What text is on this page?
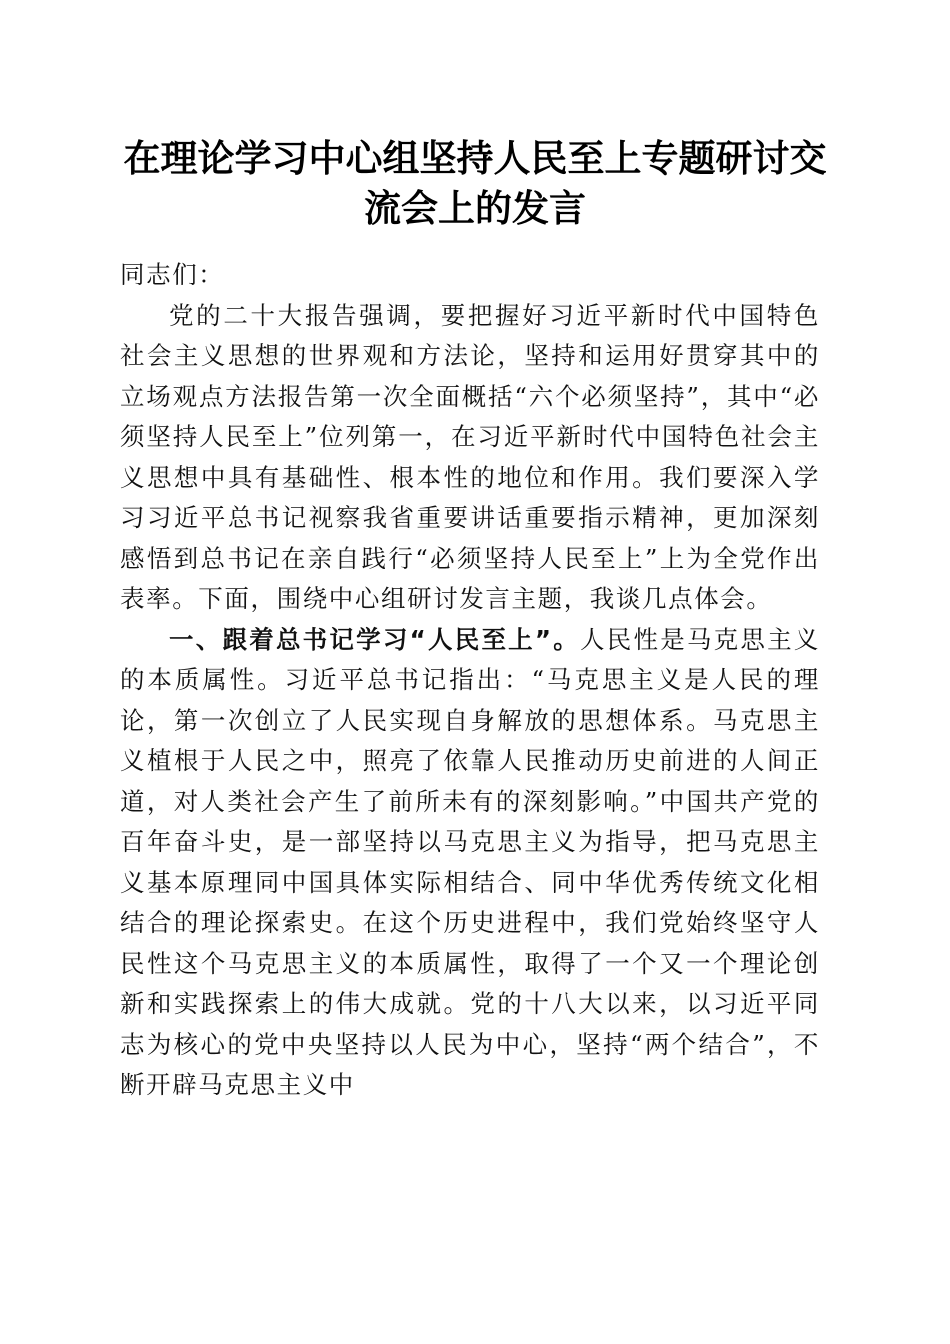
在理论学习中心组坚持人民至上专题研讨交流会上的发言

同志们：

党的二十大报告强调，要把握好习近平新时代中国特色社会主义思想的世界观和方法论，坚持和运用好贯穿其中的立场观点方法报告第一次全面概括“六个必须坚持”，其中“必须坚持人民至上”位列第一，在习近平新时代中国特色社会主义思想中具有基础性、根本性的地位和作用。我们要深入学习习近平总书记视察我省重要讲话重要指示精神，更加深刻感悟到总书记在亲自践行“必须坚持人民至上”上为全党作出表率。下面，围绕中心组研讨发言主题，我谈几点体会。

一、跟着总书记学习“人民至上”。人民性是马克思主义的本质属性。习近平总书记指出：“马克思主义是人民的理论，第一次创立了人民实现自身解放的思想体系。马克思主义植根于人民之中，照亮了依靠人民推动历史前进的人间正道，对人类社会产生了前所未有的深刻影响。”中国共产党的百年奋斗史，是一部坚持以马克思主义为指导，把马克思主义基本原理同中国具体实际相结合、同中华优秀传统文化相结合的理论探索史。在这个历史进程中，我们党始终坚守人民性这个马克思主义的本质属性，取得了一个又一个理论创新和实践探索上的伟大成就。党的十八大以来，以习近平同志为核心的党中央坚持以人民为中心，坚持“两个结合”，不断开辟马克思主义中
